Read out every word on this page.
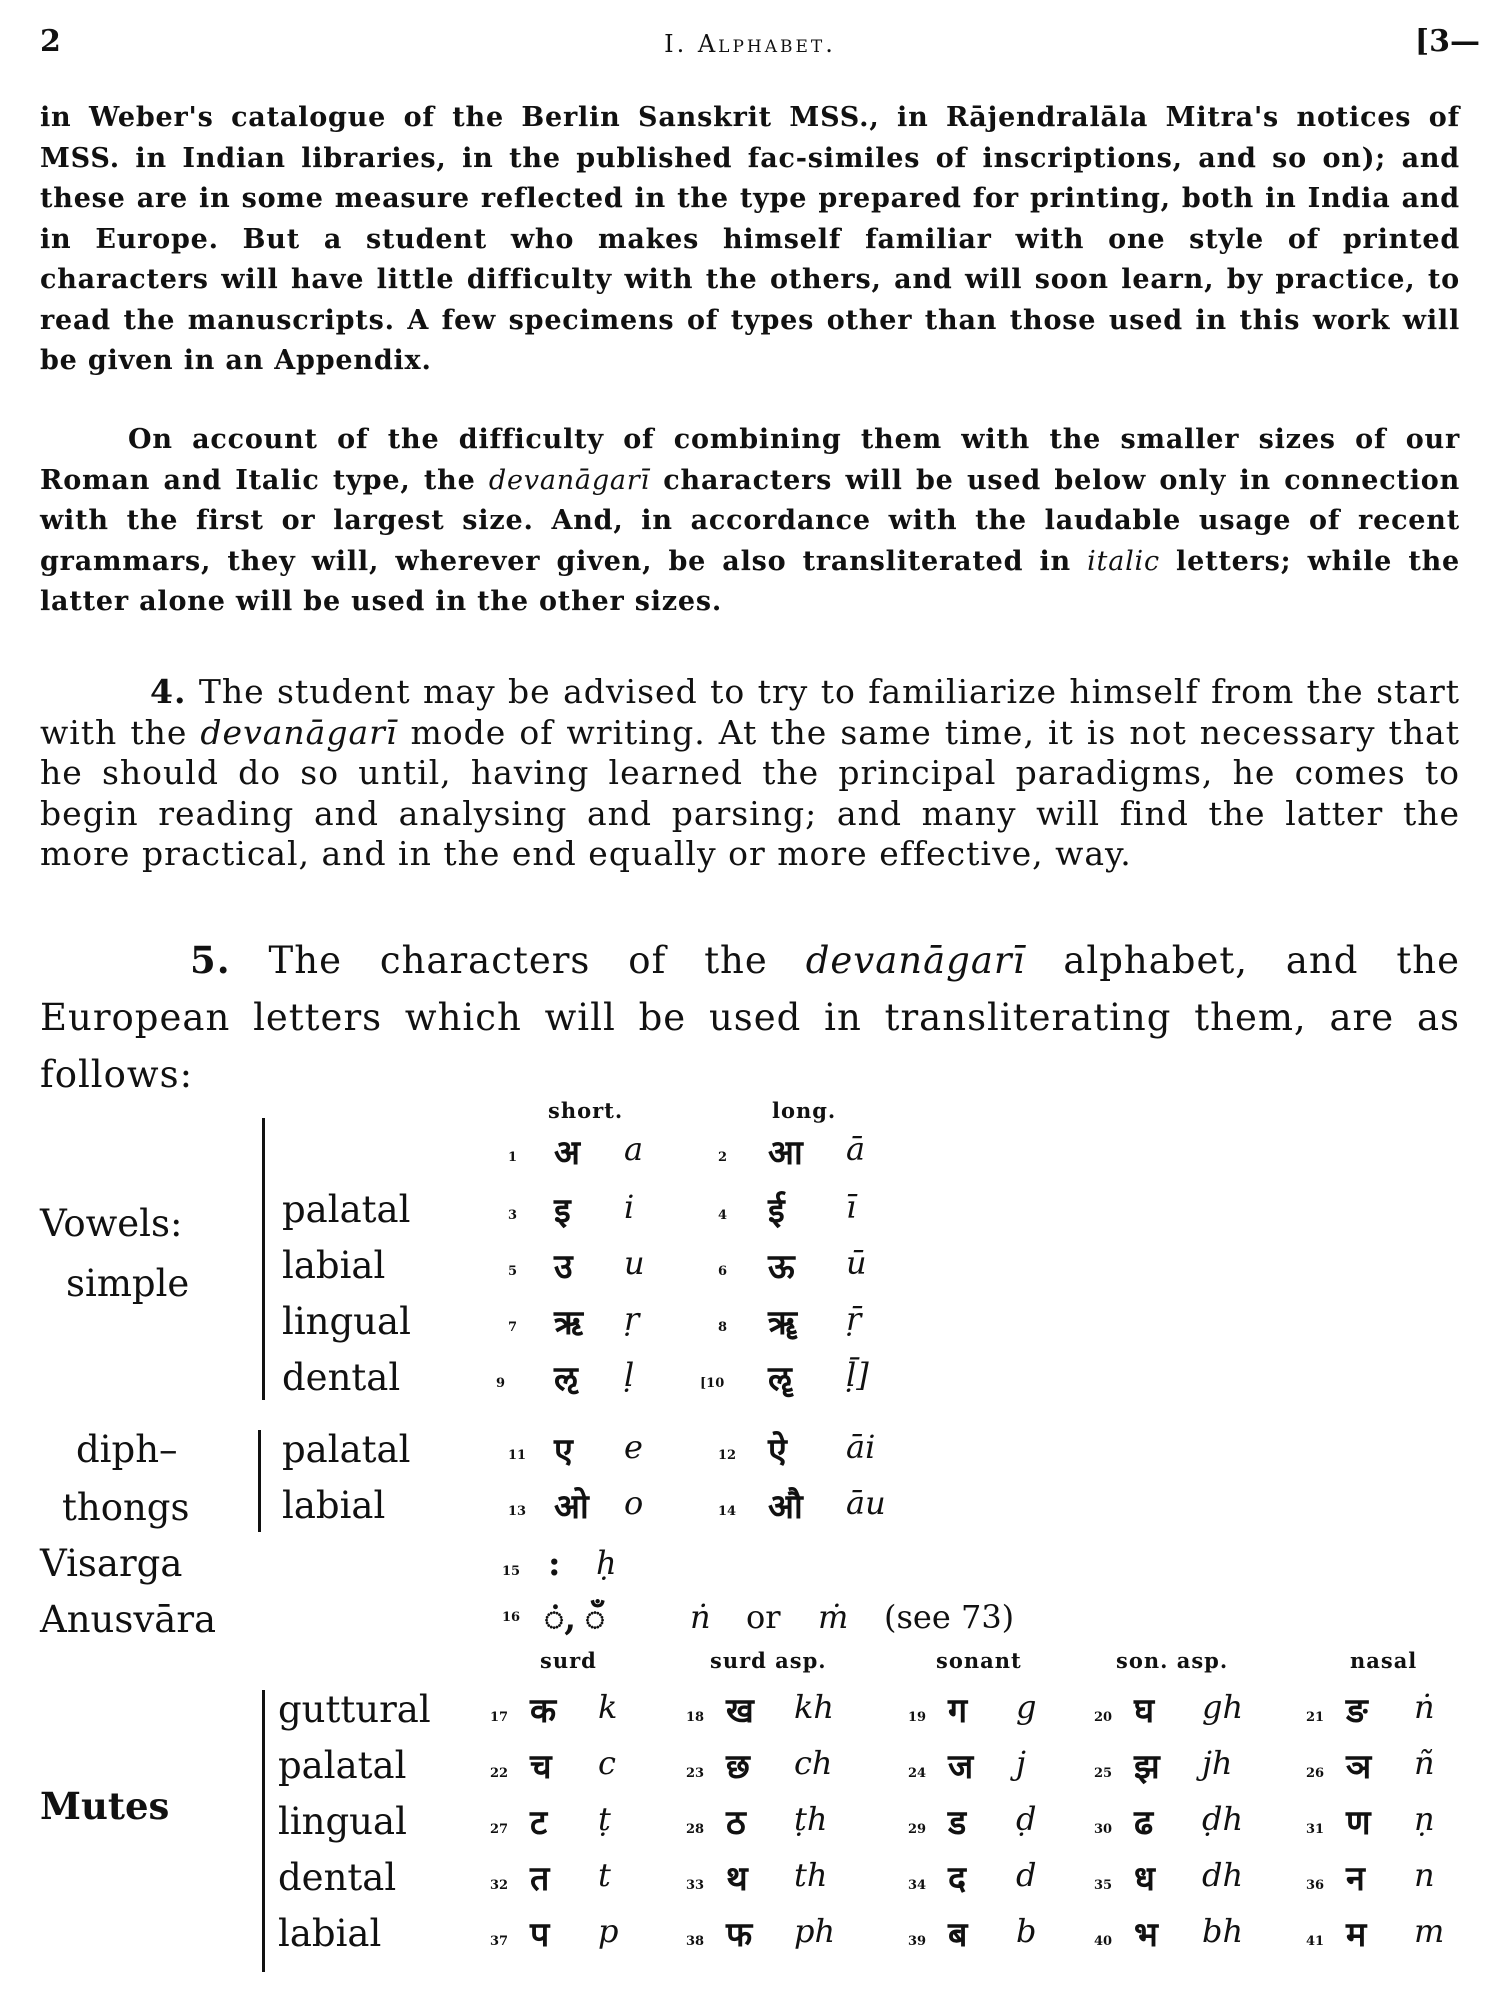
2	I. Alphabet.	[3—
in Weber's catalogue of the Berlin Sanskrit MSS., in Rājendralāla Mitra's notices of MSS. in Indian libraries, in the published fac-similes of inscriptions, and so on); and these are in some measure reflected in the type prepared for printing, both in India and in Europe. But a student who makes himself familiar with one style of printed characters will have little difficulty with the others, and will soon learn, by practice, to read the manuscripts. A few specimens of types other than those used in this work will be given in an Appendix.
On account of the difficulty of combining them with the smaller sizes of our Roman and Italic type, the devanāgarī characters will be used below only in connection with the first or largest size. And, in accordance with the laudable usage of recent grammars, they will, wherever given, be also transliterated in italic letters; while the latter alone will be used in the other sizes.
4. The student may be advised to try to familiarize himself from the start with the devanāgarī mode of writing. At the same time, it is not necessary that he should do so until, having learned the principal paradigms, he comes to begin reading and analysing and parsing; and many will find the latter the more practical, and in the end equally or more effective, way.
5. The characters of the devanāgarī alphabet, and the European letters which will be used in transliterating them, are as follows:
short.	long.
Vowels:
simple
diph–
thongs
Visarga
Anusvāra
1 अ a	2 आ ā
palatal	3 इ i	4 ई ī
labial	5 उ u	6 ऊ ū
lingual	7 ऋ ṛ	8 ॠ ṝ
dental	9 ऌ ḷ	[10 ॡ ḹ]
palatal	11 ए e	12 ऐ āi
labial	13 ओ o	14 औ āu
15 : ḥ
16 ं, ँ	ṅ or ṁ (see 73)
surd	surd asp.	sonant	son. asp.	nasal
Mutes
guttural	17 क k	18 ख kh	19 ग g	20 घ gh	21 ङ ṅ
palatal	22 च c	23 छ ch	24 ज j	25 झ jh	26 ञ ñ
lingual	27 ट ṭ	28 ठ ṭh	29 ड ḍ	30 ढ ḍh	31 ण ṇ
dental	32 त t	33 थ th	34 द d	35 ध dh	36 न n
labial	37 प p	38 फ ph	39 ब b	40 भ bh	41 म m
